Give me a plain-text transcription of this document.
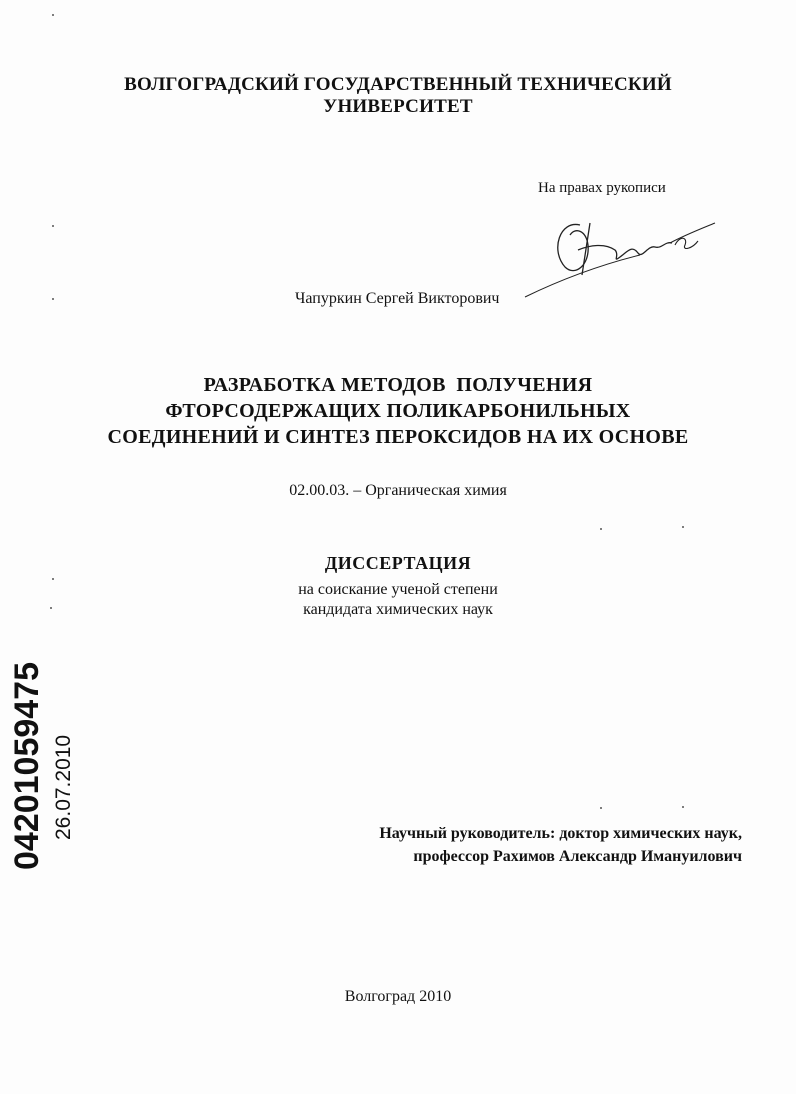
ВОЛГОГРАДСКИЙ ГОСУДАРСТВЕННЫЙ ТЕХНИЧЕСКИЙ
УНИВЕРСИТЕТ
На правах рукописи
Чапуркин Сергей Викторович
РАЗРАБОТКА МЕТОДОВ  ПОЛУЧЕНИЯ
ФТОРСОДЕРЖАЩИХ ПОЛИКАРБОНИЛЬНЫХ
СОЕДИНЕНИЙ И СИНТЕЗ ПЕРОКСИДОВ НА ИХ ОСНОВЕ
02.00.03. – Органическая химия
ДИССЕРТАЦИЯ
на соискание ученой степени
кандидата химических наук
Научный руководитель: доктор химических наук,
профессор Рахимов Александр Имануилович
Волгоград 2010
04201059475 26.07.2010
